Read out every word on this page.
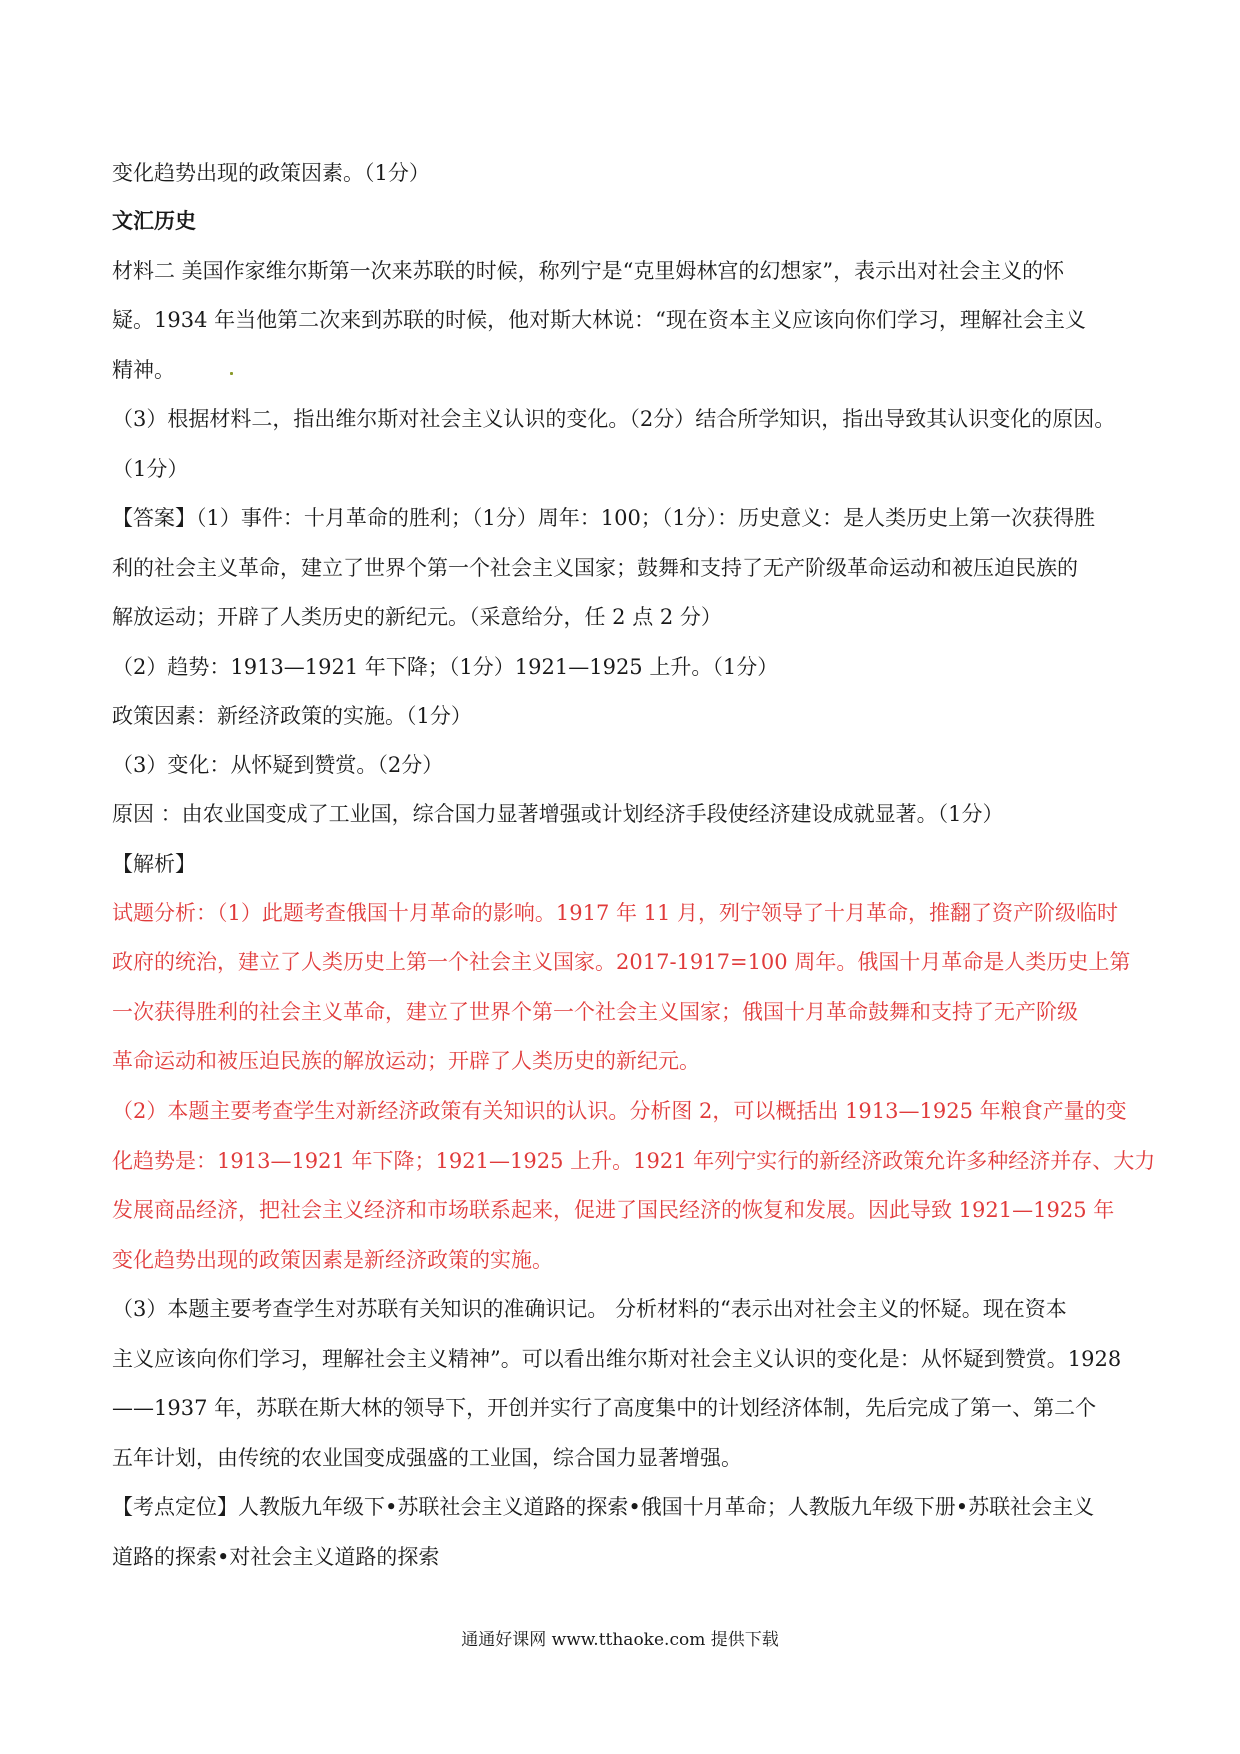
变化趋势出现的政策因素。（1分）
文汇历史
材料二 美国作家维尔斯第一次来苏联的时候，称列宁是“克里姆林宫的幻想家”，表示出对社会主义的怀
疑。1934 年当他第二次来到苏联的时候，他对斯大林说：“现在资本主义应该向你们学习，理解社会主义
精神。
（3）根据材料二，指出维尔斯对社会主义认识的变化。（2分）结合所学知识，指出导致其认识变化的原因。
（1分）
【答案】（1）事件：十月革命的胜利；（1分）周年：100；（1分）：历史意义：是人类历史上第一次获得胜
利的社会主义革命，建立了世界个第一个社会主义国家；鼓舞和支持了无产阶级革命运动和被压迫民族的
解放运动；开辟了人类历史的新纪元。（采意给分，任 2 点 2 分）
（2）趋势：1913—1921 年下降；（1分）1921—1925 上升。（1分）
政策因素：新经济政策的实施。（1分）
（3）变化：从怀疑到赞赏。（2分）
原因 ：由农业国变成了工业国，综合国力显著增强或计划经济手段使经济建设成就显著。（1分）
【解析】
试题分析：（1）此题考查俄国十月革命的影响。1917 年 11 月，列宁领导了十月革命，推翻了资产阶级临时
政府的统治，建立了人类历史上第一个社会主义国家。2017-1917=100 周年。俄国十月革命是人类历史上第
一次获得胜利的社会主义革命，建立了世界个第一个社会主义国家；俄国十月革命鼓舞和支持了无产阶级
革命运动和被压迫民族的解放运动；开辟了人类历史的新纪元。
（2）本题主要考查学生对新经济政策有关知识的认识。分析图 2，可以概括出 1913—1925 年粮食产量的变
化趋势是：1913—1921 年下降；1921—1925 上升。1921 年列宁实行的新经济政策允许多种经济并存、大力
发展商品经济，把社会主义经济和市场联系起来，促进了国民经济的恢复和发展。因此导致 1921—1925 年
变化趋势出现的政策因素是新经济政策的实施。
（3）本题主要考查学生对苏联有关知识的准确识记。 分析材料的“表示出对社会主义的怀疑。现在资本
主义应该向你们学习，理解社会主义精神”。可以看出维尔斯对社会主义认识的变化是：从怀疑到赞赏。1928
——1937 年，苏联在斯大林的领导下，开创并实行了高度集中的计划经济体制，先后完成了第一、第二个
五年计划，由传统的农业国变成强盛的工业国，综合国力显著增强。
【考点定位】人教版九年级下•苏联社会主义道路的探索•俄国十月革命；人教版九年级下册•苏联社会主义
道路的探索•对社会主义道路的探索
通通好课网 www.tthaoke.com 提供下载
